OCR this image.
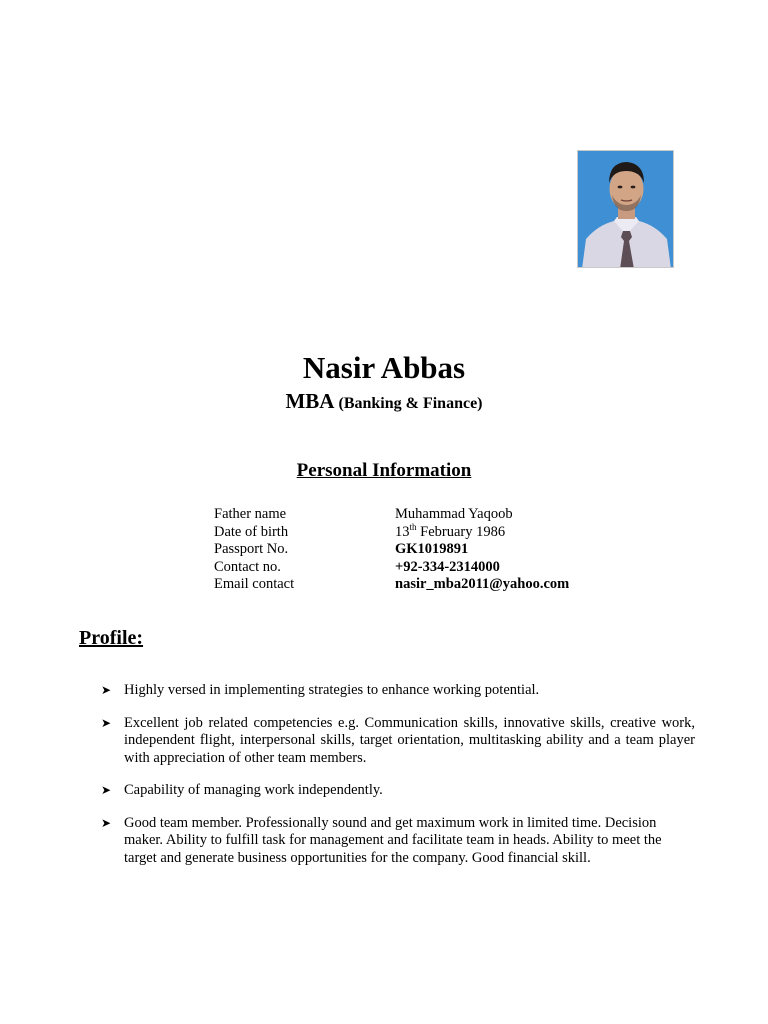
Nasir Abbas
MBA (Banking & Finance)
Personal Information
Father name	Muhammad Yaqoob
Date of birth	13th February 1986
Passport No.	GK1019891
Contact no.	+92-334-2314000
Email contact	nasir_mba2011@yahoo.com
Profile:
➤ Highly versed in implementing strategies to enhance working potential.
➤ Excellent job related competencies e.g. Communication skills, innovative skills, creative work, independent flight, interpersonal skills, target orientation, multitasking ability and a team player with appreciation of other team members.
➤ Capability of managing work independently.
➤ Good team member. Professionally sound and get maximum work in limited time. Decision maker. Ability to fulfill task for management and facilitate team in heads. Ability to meet the target and generate business opportunities for the company. Good financial skill.
